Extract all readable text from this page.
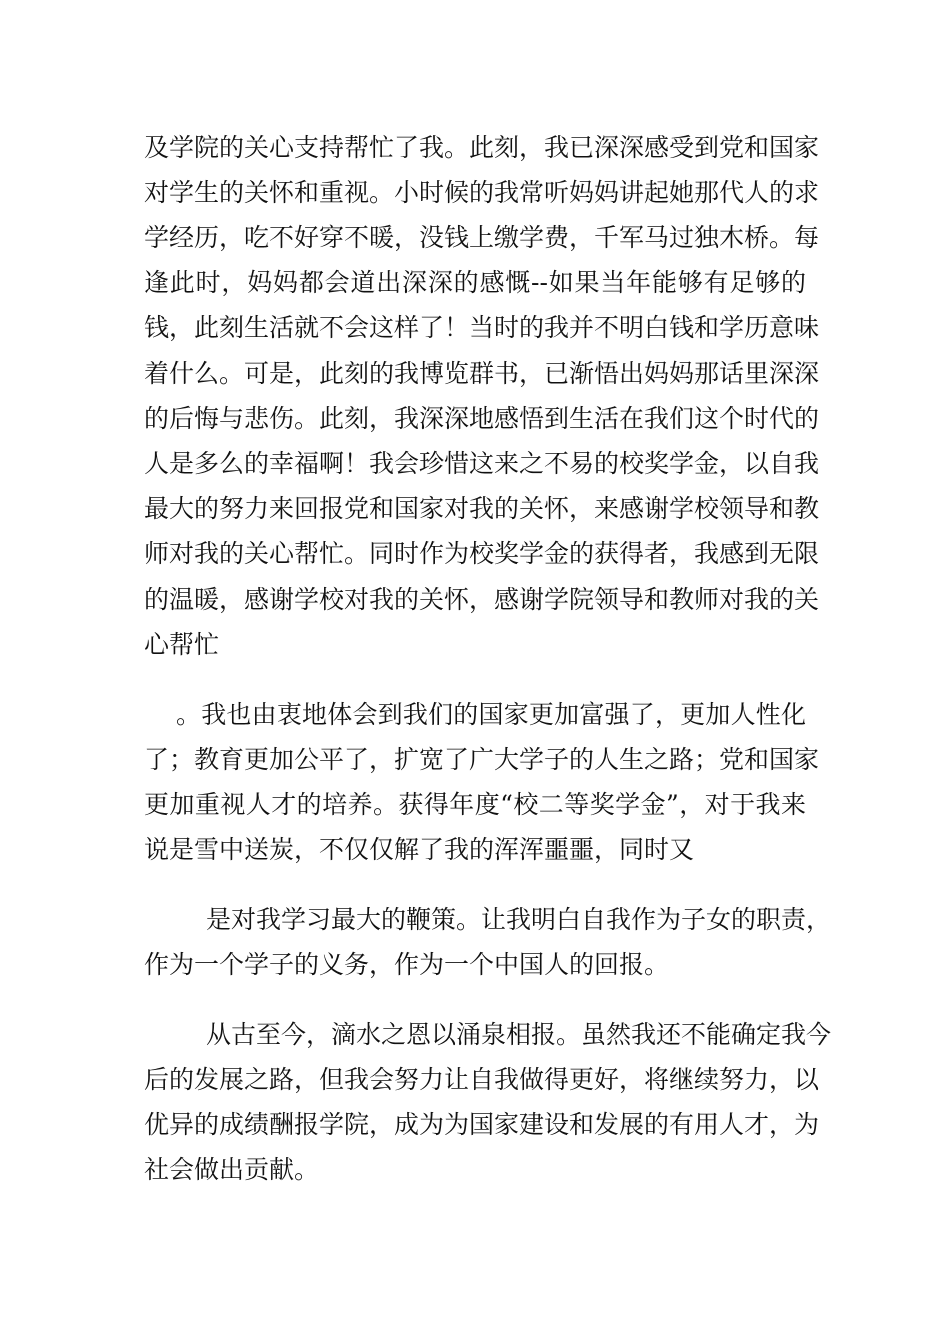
及学院的关心支持帮忙了我。此刻，我已深深感受到党和国家
对学生的关怀和重视。小时候的我常听妈妈讲起她那代人的求
学经历，吃不好穿不暖，没钱上缴学费，千军马过独木桥。每
逢此时，妈妈都会道出深深的感慨--如果当年能够有足够的
钱，此刻生活就不会这样了！当时的我并不明白钱和学历意味
着什么。可是，此刻的我博览群书，已渐悟出妈妈那话里深深
的后悔与悲伤。此刻，我深深地感悟到生活在我们这个时代的
人是多么的幸福啊！我会珍惜这来之不易的校奖学金，以自我
最大的努力来回报党和国家对我的关怀，来感谢学校领导和教
师对我的关心帮忙。同时作为校奖学金的获得者，我感到无限
的温暖，感谢学校对我的关怀，感谢学院领导和教师对我的关
心帮忙
。我也由衷地体会到我们的国家更加富强了，更加人性化
了；教育更加公平了，扩宽了广大学子的人生之路；党和国家
更加重视人才的培养。获得年度“校二等奖学金”，对于我来
说是雪中送炭，不仅仅解了我的浑浑噩噩，同时又
是对我学习最大的鞭策。让我明白自我作为子女的职责，
作为一个学子的义务，作为一个中国人的回报。
从古至今，滴水之恩以涌泉相报。虽然我还不能确定我今
后的发展之路，但我会努力让自我做得更好，将继续努力，以
优异的成绩酬报学院，成为为国家建设和发展的有用人才，为
社会做出贡献。
